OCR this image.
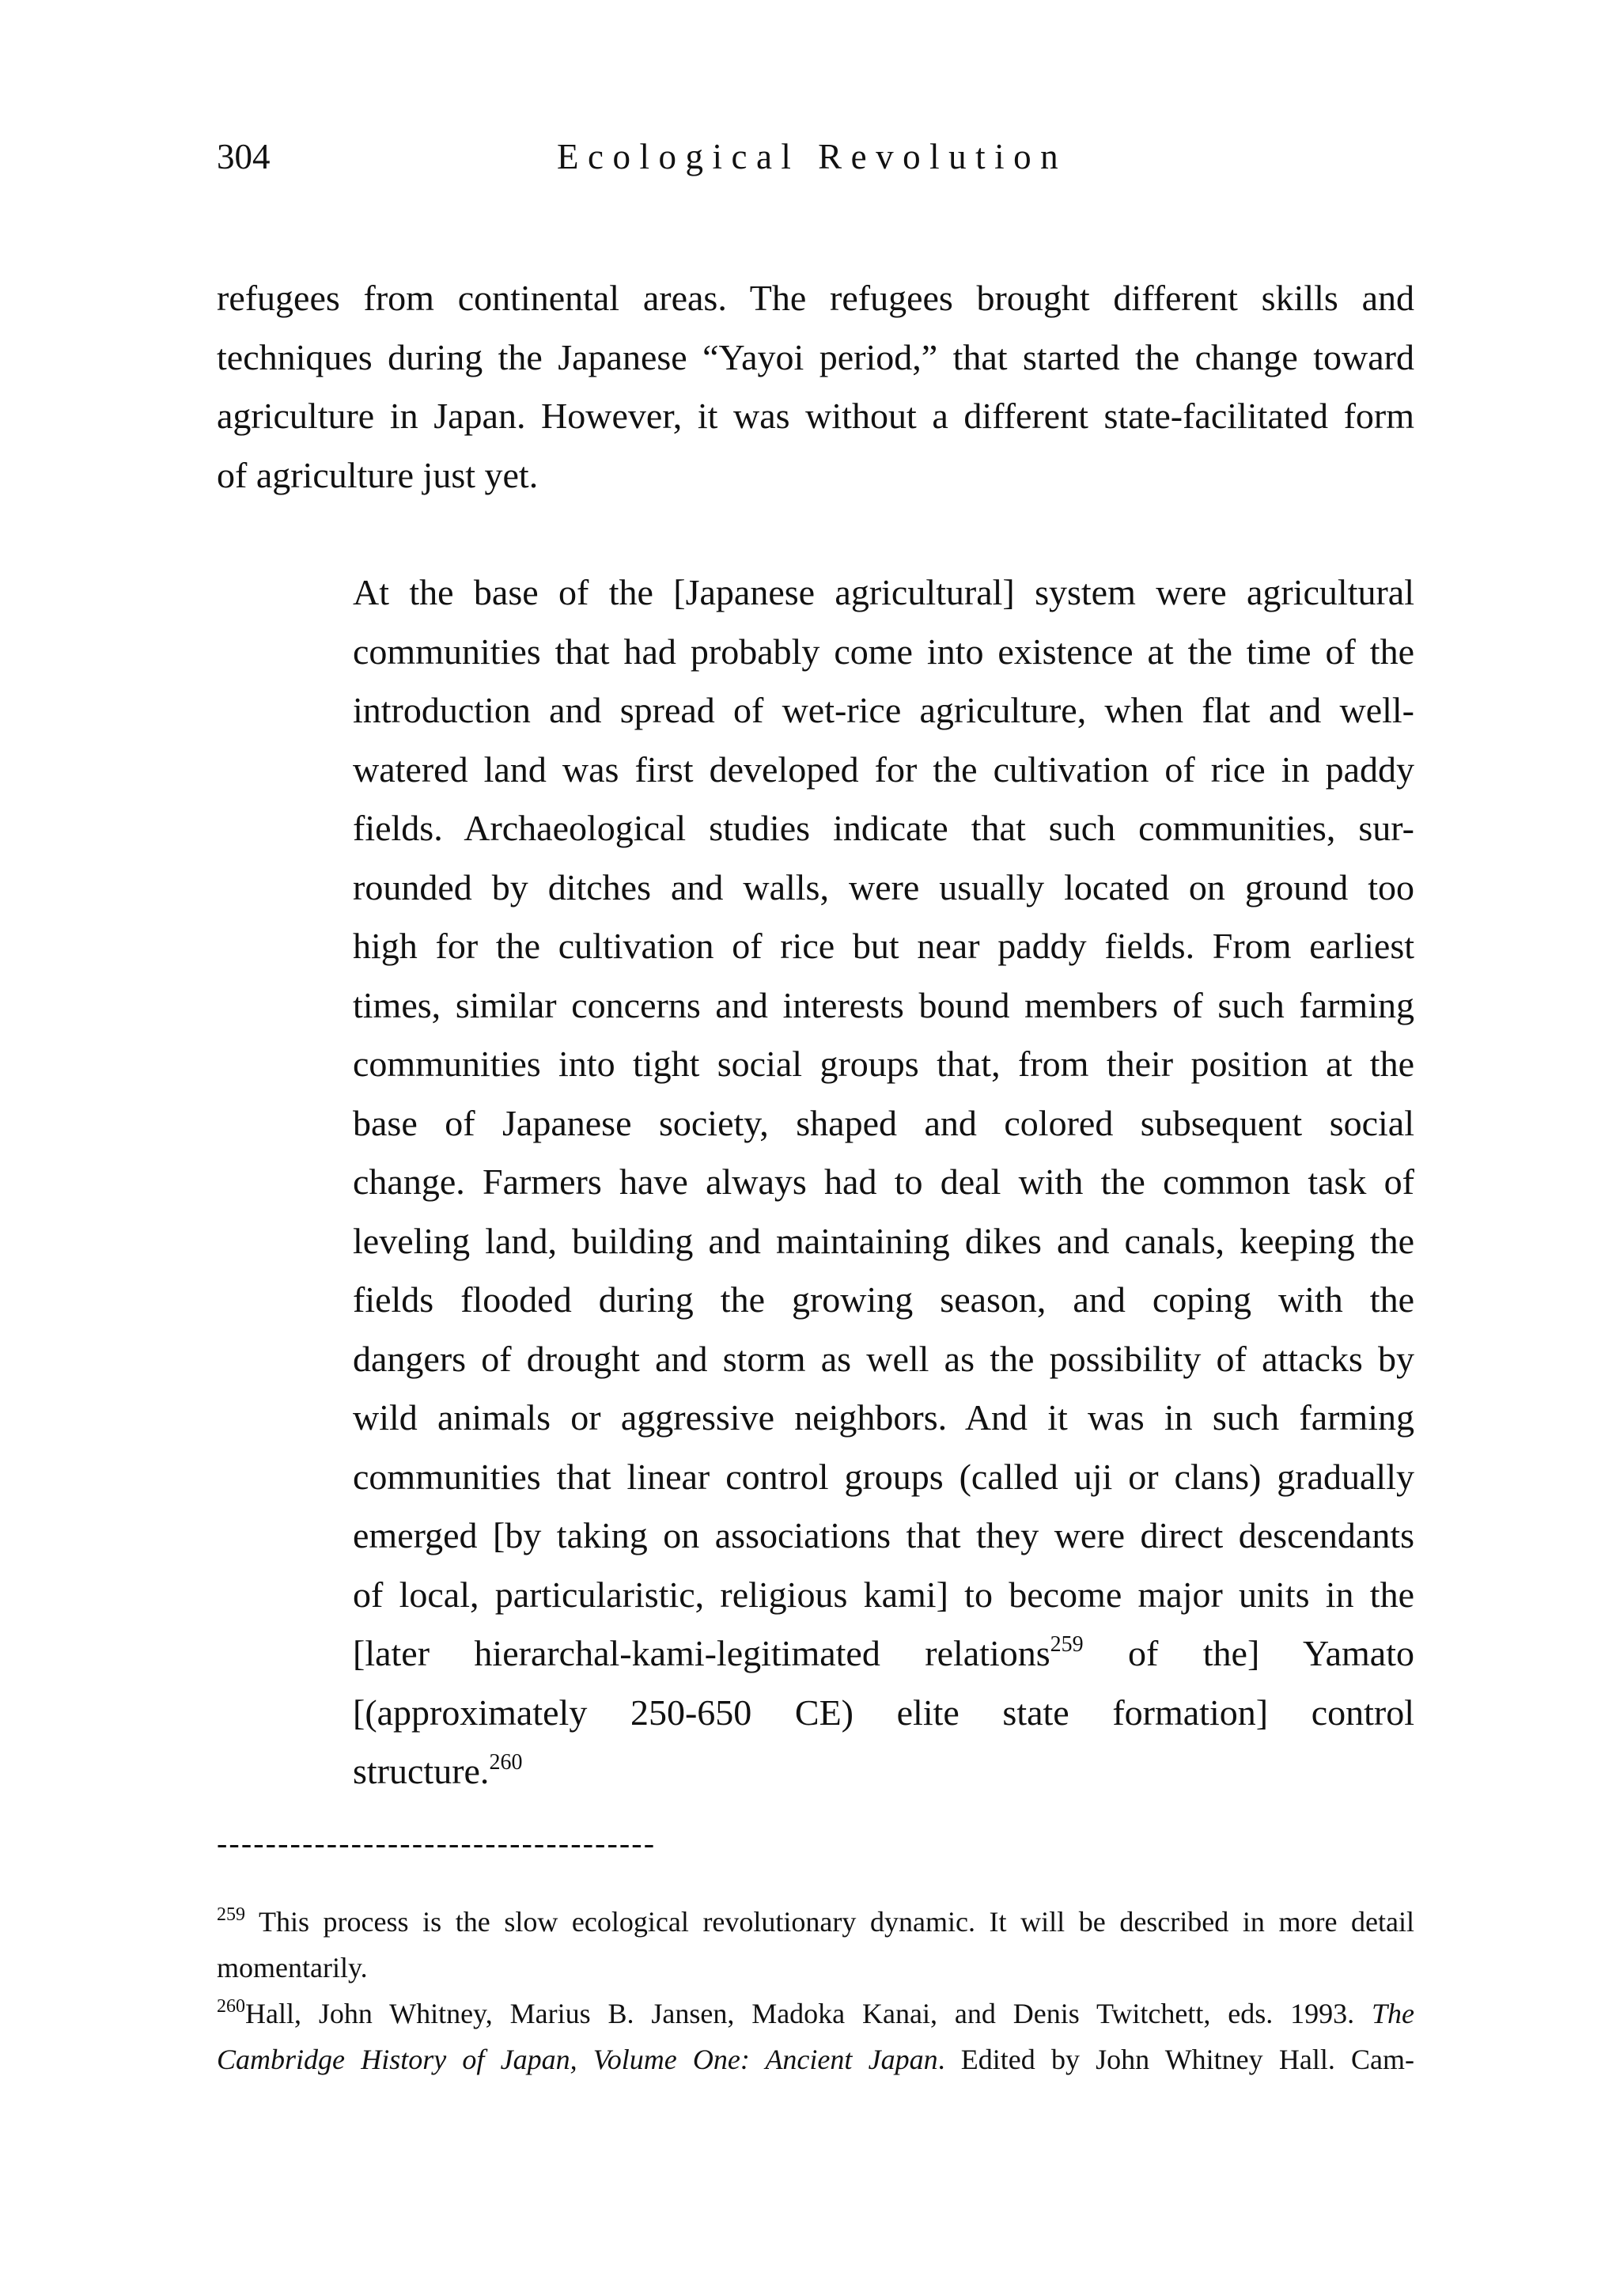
304	Ecological Revolution

refugees from continental areas. The refugees brought different skills and
techniques during the Japanese “Yayoi period,” that started the change toward
agriculture in Japan. However, it was without a different state-facilitated form
of agriculture just yet.

At the base of the [Japanese agricultural] system were agricultural
communities that had probably come into existence at the time of the
introduction and spread of wet-rice agriculture, when flat and well-
watered land was first developed for the cultivation of rice in paddy
fields. Archaeological studies indicate that such communities, sur-
rounded by ditches and walls, were usually located on ground too
high for the cultivation of rice but near paddy fields. From earliest
times, similar concerns and interests bound members of such farming
communities into tight social groups that, from their position at the
base of Japanese society, shaped and colored subsequent social
change. Farmers have always had to deal with the common task of
leveling land, building and maintaining dikes and canals, keeping the
fields flooded during the growing season, and coping with the
dangers of drought and storm as well as the possibility of attacks by
wild animals or aggressive neighbors. And it was in such farming
communities that linear control groups (called uji or clans) gradually
emerged [by taking on associations that they were direct descendants
of local, particularistic, religious kami] to become major units in the
[later hierarchal-kami-legitimated relations$^{259}$ of the] Yamato
[(approximately 250-650 CE) elite state formation] control
structure.$^{260}$
------------------------------------
$^{259}$ This process is the slow ecological revolutionary dynamic. It will be described in more detail
momentarily.
$^{260}$Hall, John Whitney, Marius B. Jansen, Madoka Kanai, and Denis Twitchett, eds. 1993. The
Cambridge History of Japan, Volume One: Ancient Japan. Edited by John Whitney Hall. Cam-
